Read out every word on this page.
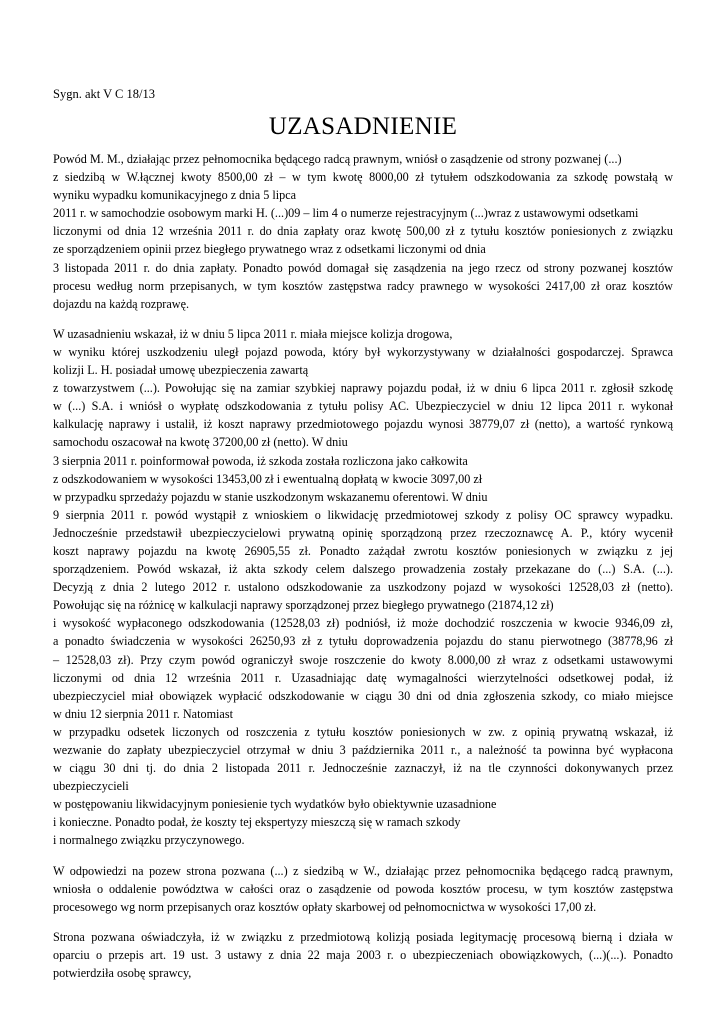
Sygn. akt V C 18/13
UZASADNIENIE
Powód M. M., działając przez pełnomocnika będącego radcą prawnym, wniósł o zasądzenie od strony pozwanej (...)
z siedzibą w W.łącznej kwoty 8500,00 zł – w tym kwotę 8000,00 zł tytułem odszkodowania za szkodę powstałą w
wyniku wypadku komunikacyjnego z dnia 5 lipca
2011 r. w samochodzie osobowym marki H. (...)09 – lim 4 o numerze rejestracyjnym (...)wraz z ustawowymi odsetkami
liczonymi od dnia 12 września 2011 r. do dnia zapłaty oraz kwotę 500,00 zł z tytułu kosztów poniesionych z związku
ze sporządzeniem opinii przez biegłego prywatnego wraz z odsetkami liczonymi od dnia
3 listopada 2011 r. do dnia zapłaty. Ponadto powód domagał się zasądzenia na jego rzecz od strony pozwanej kosztów
procesu według norm przepisanych, w tym kosztów zastępstwa radcy prawnego w wysokości 2417,00 zł oraz kosztów
dojazdu na każdą rozprawę.
W uzasadnieniu wskazał, iż w dniu 5 lipca 2011 r. miała miejsce kolizja drogowa,
w wyniku której uszkodzeniu uległ pojazd powoda, który był wykorzystywany w działalności gospodarczej. Sprawca
kolizji L. H. posiadał umowę ubezpieczenia zawartą
z towarzystwem (...). Powołując się na zamiar szybkiej naprawy pojazdu podał, iż w dniu 6 lipca 2011 r. zgłosił szkodę
w (...) S.A. i wniósł o wypłatę odszkodowania z tytułu polisy AC. Ubezpieczyciel w dniu 12 lipca 2011 r. wykonał
kalkulację naprawy i ustalił, iż koszt naprawy przedmiotowego pojazdu wynosi 38779,07 zł (netto), a wartość rynkową
samochodu oszacował na kwotę 37200,00 zł (netto). W dniu
3 sierpnia 2011 r. poinformował powoda, iż szkoda została rozliczona jako całkowita
z odszkodowaniem w wysokości 13453,00 zł i ewentualną dopłatą w kwocie 3097,00 zł
w przypadku sprzedaży pojazdu w stanie uszkodzonym wskazanemu oferentowi. W dniu
9 sierpnia 2011 r. powód wystąpił z wnioskiem o likwidację przedmiotowej szkody z polisy OC sprawcy wypadku.
Jednocześnie przedstawił ubezpieczycielowi prywatną opinię sporządzoną przez rzeczoznawcę A. P., który wycenił
koszt naprawy pojazdu na kwotę 26905,55 zł. Ponadto zażądał zwrotu kosztów poniesionych w związku z jej
sporządzeniem. Powód wskazał, iż akta szkody celem dalszego prowadzenia zostały przekazane do (...) S.A. (...).
Decyzją z dnia 2 lutego 2012 r. ustalono odszkodowanie za uszkodzony pojazd w wysokości 12528,03 zł (netto).
Powołując się na różnicę w kalkulacji naprawy sporządzonej przez biegłego prywatnego (21874,12 zł)
i wysokość wypłaconego odszkodowania (12528,03 zł) podniósł, iż może dochodzić roszczenia w kwocie 9346,09 zł,
a ponadto świadczenia w wysokości 26250,93 zł z tytułu doprowadzenia pojazdu do stanu pierwotnego (38778,96 zł
– 12528,03 zł). Przy czym powód ograniczył swoje roszczenie do kwoty 8.000,00 zł wraz z odsetkami ustawowymi
liczonymi od dnia 12 września 2011 r. Uzasadniając datę wymagalności wierzytelności odsetkowej podał, iż
ubezpieczyciel miał obowiązek wypłacić odszkodowanie w ciągu 30 dni od dnia zgłoszenia szkody, co miało miejsce
w dniu 12 sierpnia 2011 r. Natomiast
w przypadku odsetek liczonych od roszczenia z tytułu kosztów poniesionych w zw. z opinią prywatną wskazał, iż
wezwanie do zapłaty ubezpieczyciel otrzymał w dniu 3 października 2011 r., a należność ta powinna być wypłacona
w ciągu 30 dni tj. do dnia 2 listopada 2011 r. Jednocześnie zaznaczył, iż na tle czynności dokonywanych przez
ubezpieczycieli
w postępowaniu likwidacyjnym poniesienie tych wydatków było obiektywnie uzasadnione
i konieczne. Ponadto podał, że koszty tej ekspertyzy mieszczą się w ramach szkody
i normalnego związku przyczynowego.
W odpowiedzi na pozew strona pozwana (...) z siedzibą w W., działając przez pełnomocnika będącego radcą prawnym,
wniosła o oddalenie powództwa w całości oraz o zasądzenie od powoda kosztów procesu, w tym kosztów zastępstwa
procesowego wg norm przepisanych oraz kosztów opłaty skarbowej od pełnomocnictwa w wysokości 17,00 zł.
Strona pozwana oświadczyła, iż w związku z przedmiotową kolizją posiada legitymację procesową bierną i działa w
oparciu o przepis art. 19 ust. 3 ustawy z dnia 22 maja 2003 r. o ubezpieczeniach obowiązkowych, (...)(...). Ponadto
potwierdziła osobę sprawcy,
